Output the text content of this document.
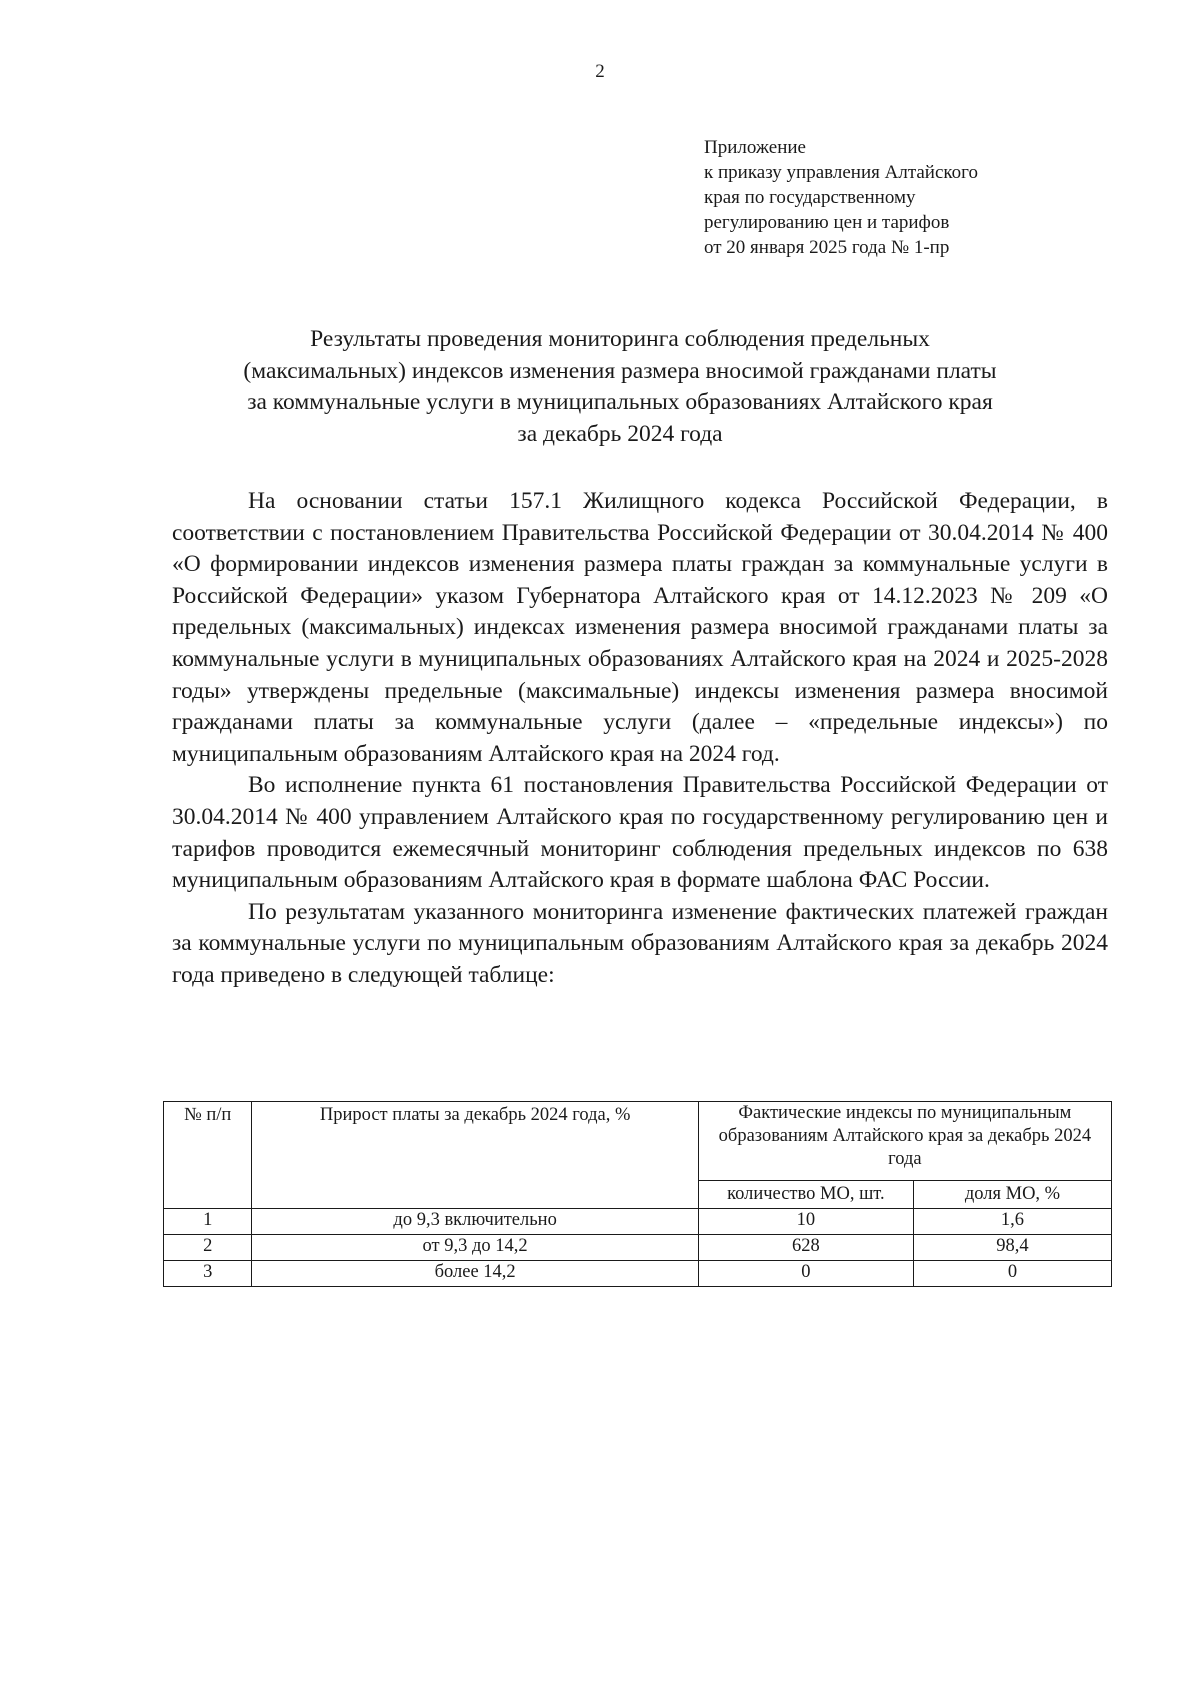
2
Приложение
к приказу управления Алтайского
края по государственному
регулированию цен и тарифов
от 20 января 2025 года № 1-пр
Результаты проведения мониторинга соблюдения предельных
(максимальных) индексов изменения размера вносимой гражданами платы
за коммунальные услуги в муниципальных образованиях Алтайского края
за декабрь 2024 года

На основании статьи 157.1 Жилищного кодекса Российской Федерации, в соответствии с постановлением Правительства Российской Федерации от 30.04.2014 № 400 «О формировании индексов изменения размера платы граждан за коммунальные услуги в Российской Федерации» указом Губернатора Алтайского края от 14.12.2023 № 209 «О предельных (максимальных) индексах изменения размера вносимой гражданами платы за коммунальные услуги в муниципальных образованиях Алтайского края на 2024 и 2025-2028 годы» утверждены предельные (максимальные) индексы изменения размера вносимой гражданами платы за коммунальные услуги (далее – «предельные индексы») по муниципальным образованиям Алтайского края на 2024 год.

Во исполнение пункта 61 постановления Правительства Российской Федерации от 30.04.2014 № 400 управлением Алтайского края по государственному регулированию цен и тарифов проводится ежемесячный мониторинг соблюдения предельных индексов по 638 муниципальным образованиям Алтайского края в формате шаблона ФАС России.

По результатам указанного мониторинга изменение фактических платежей граждан за коммунальные услуги по муниципальным образованиям Алтайского края за декабрь 2024 года приведено в следующей таблице:

№ п/п	Прирост платы за декабрь 2024 года, %	Фактические индексы по муниципальным образованиям Алтайского края за декабрь 2024 года	
		количество МО, шт.	доля МО, %
1	до 9,3 включительно	10	1,6
2	от 9,3 до 14,2	628	98,4
3	более 14,2	0	0
